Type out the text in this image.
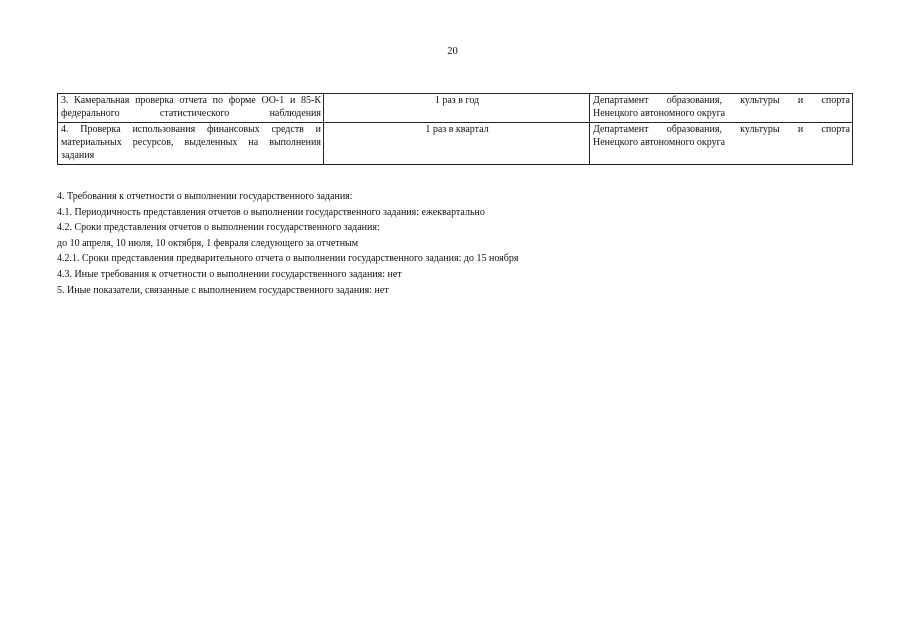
20
3. Камеральная проверка отчета по форме ОО-1 и 85-К федерального статистического наблюдения	1 раз в год	Департамент образования, культуры и спорта
Ненецкого автономного округа

4. Проверка использования финансовых средств и материальных ресурсов, выделенных на выполнения задания	1 раз в квартал	Департамент образования, культуры и спорта
Ненецкого автономного округа

4. Требования к отчетности о выполнении государственного задания:

4.1. Периодичность представления отчетов о выполнении государственного задания: ежеквартально

4.2. Сроки представления отчетов о выполнении государственного задания:

до 10 апреля, 10 июля, 10 октября, 1 февраля следующего за отчетным

4.2.1. Сроки представления предварительного отчета о выполнении государственного задания: до 15 ноября

4.3. Иные требования к отчетности о выполнении государственного задания: нет

5. Иные показатели, связанные с выполнением государственного задания: нет
